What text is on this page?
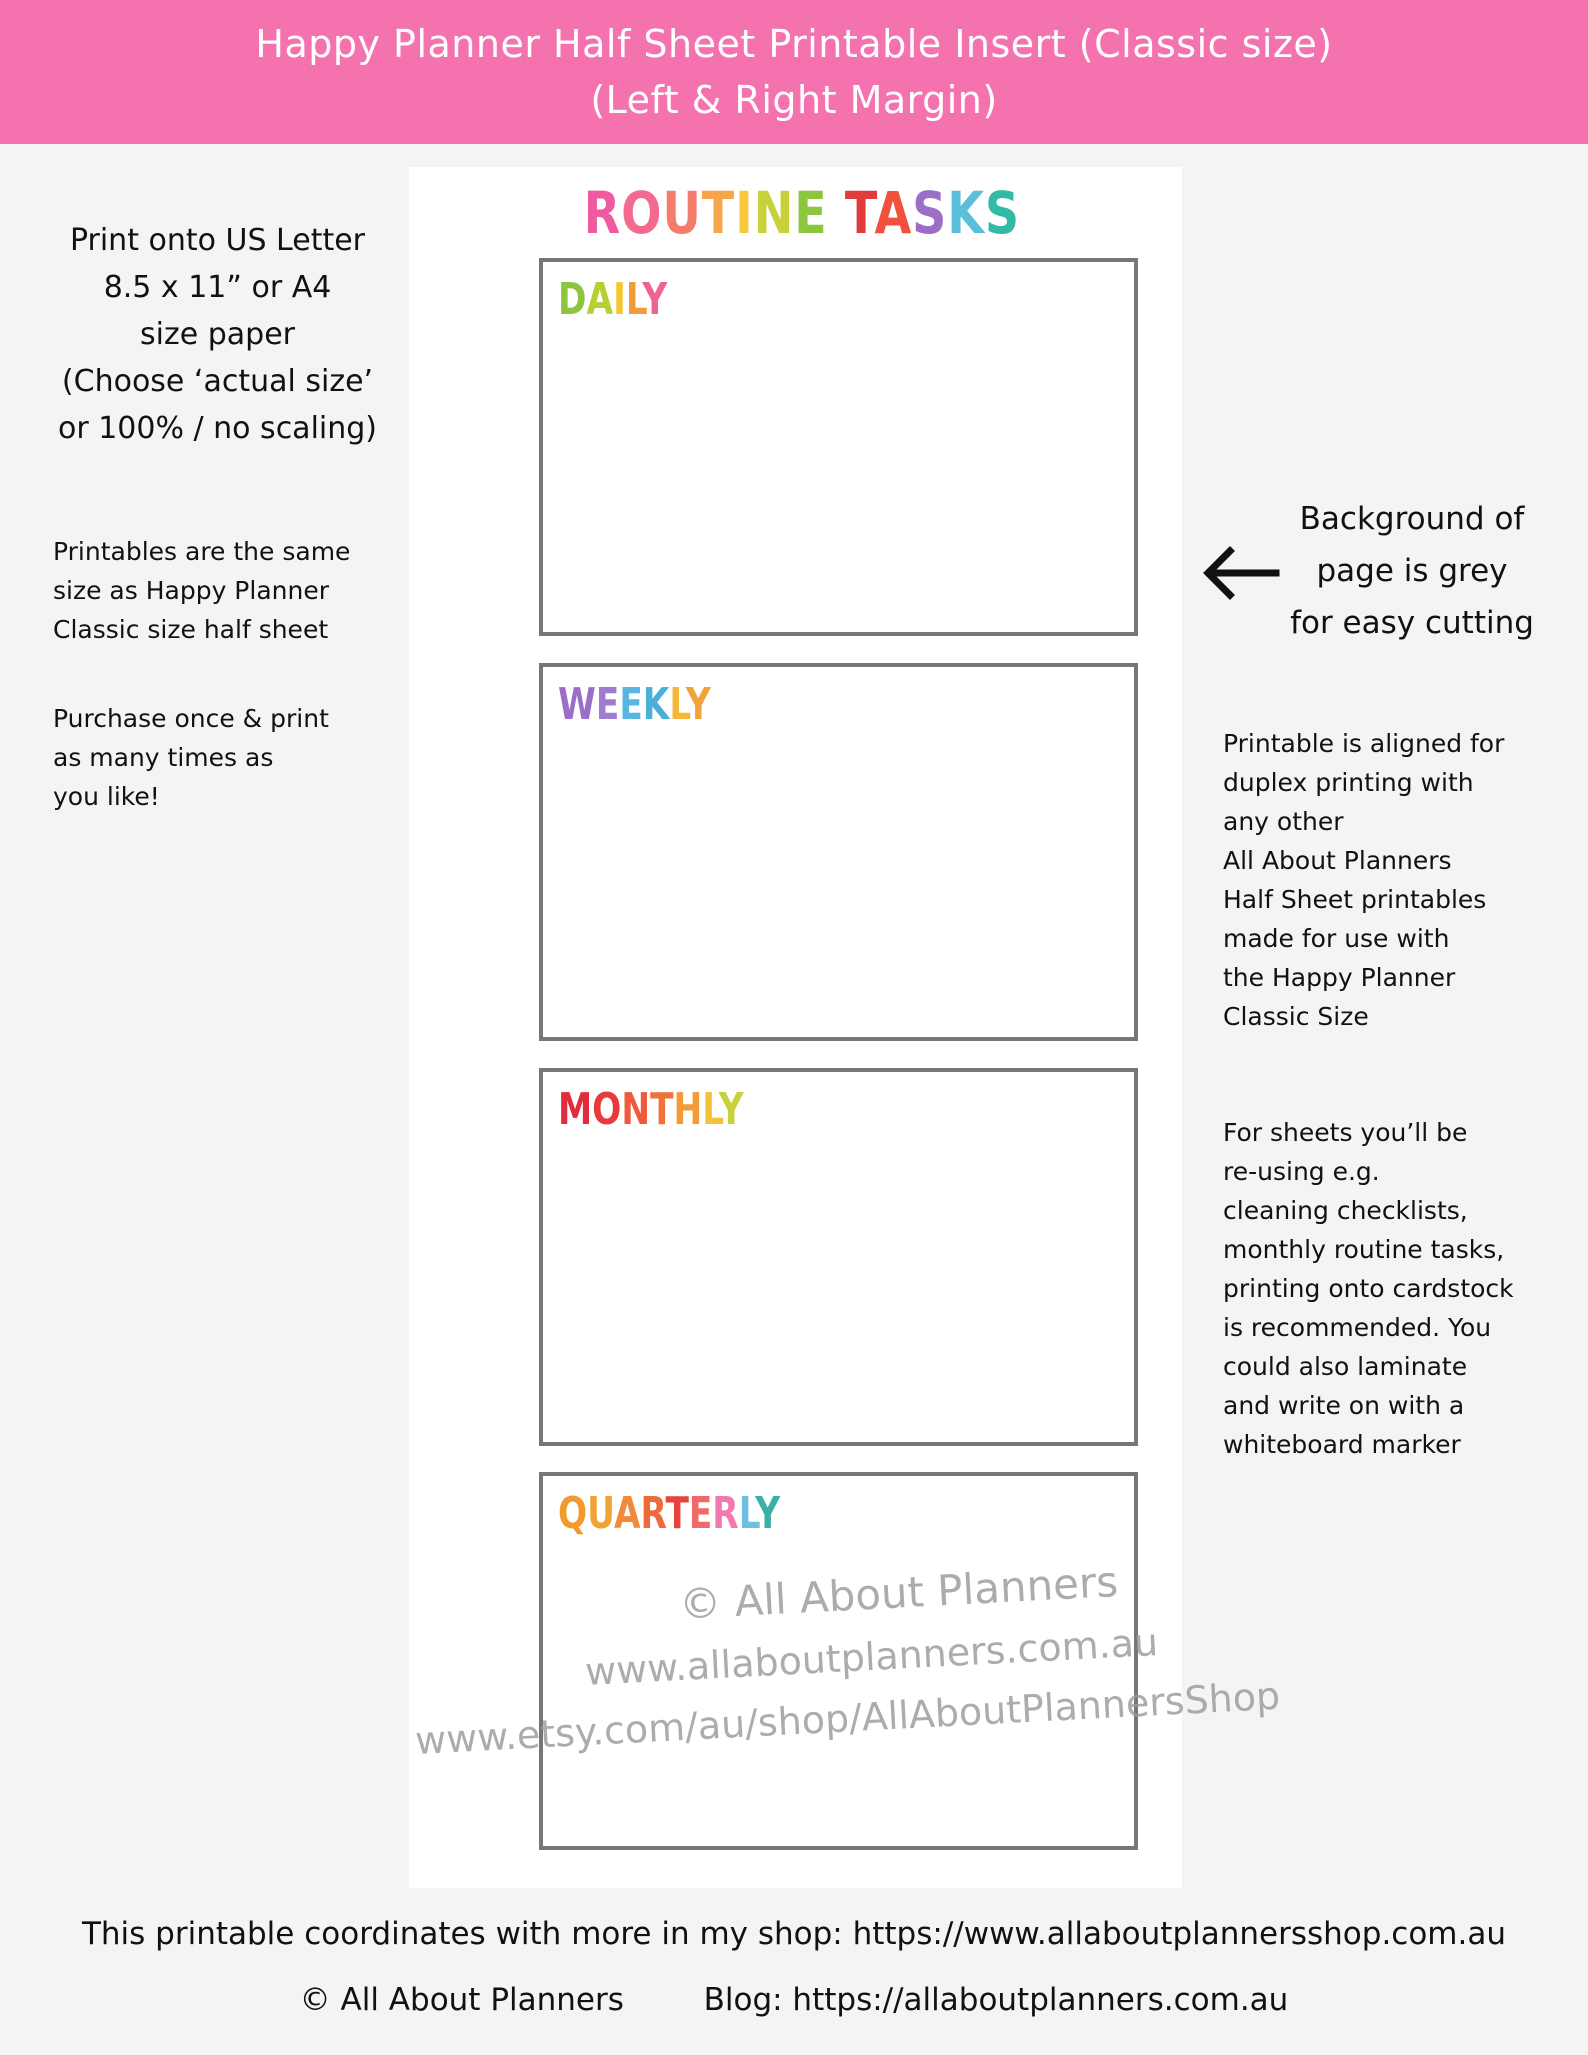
Happy Planner Half Sheet Printable Insert (Classic size)
(Left & Right Margin)
ROUTINE TASKS
DAILY
WEEKLY
MONTHLY
QUARTERLY
Print onto US Letter
8.5 x 11” or A4
size paper
(Choose ‘actual size’
or 100% / no scaling)
Printables are the same
size as Happy Planner
Classic size half sheet
Purchase once & print
as many times as
you like!
Background of
page is grey
for easy cutting
Printable is aligned for
duplex printing with
any other
All About Planners
Half Sheet printables
made for use with
the Happy Planner
Classic Size
For sheets you’ll be
re-using e.g.
cleaning checklists,
monthly routine tasks,
printing onto cardstock
is recommended. You
could also laminate
and write on with a
whiteboard marker
© All About Planners
www.allaboutplanners.com.au
www.etsy.com/au/shop/AllAboutPlannersShop
This printable coordinates with more in my shop: https://www.allaboutplannersshop.com.au
© All About Planners	Blog: https://allaboutplanners.com.au
